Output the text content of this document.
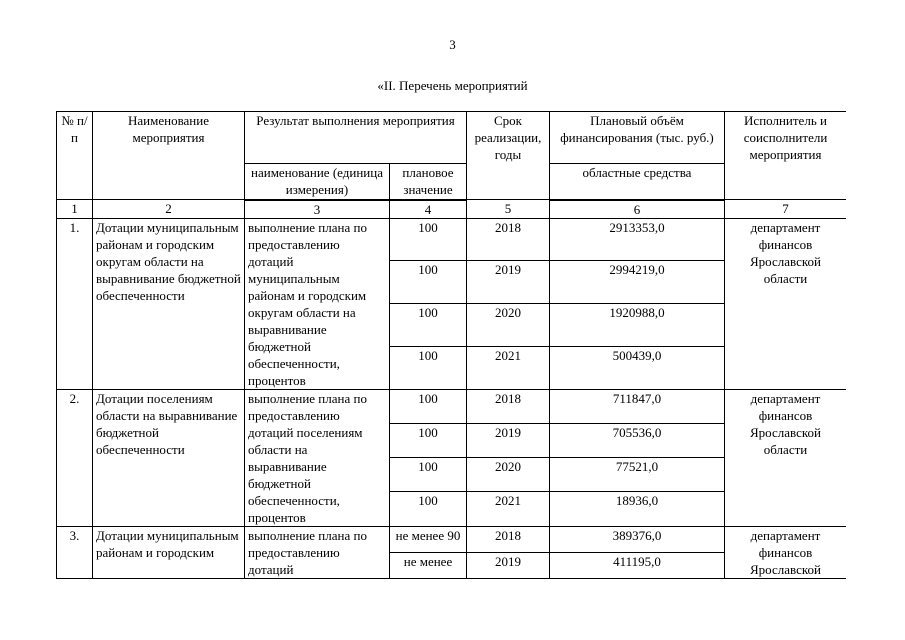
3
«II. Перечень мероприятий
№ п/п	Наименование мероприятия	Результат выполнения мероприятия		Срок реализации, годы	Плановый объём финансирования (тыс. руб.)	Исполнитель и соисполнители мероприятия
		наименование (единица измерения)	плановое значение		областные средства	
1	2	3	4	5	6	7
1.	Дотации муниципальным районам и городским округам области на выравнивание бюджетной обеспеченности	выполнение плана по предоставлению дотаций муниципальным районам и городским округам области на выравнивание бюджетной обеспеченности, процентов	100	2018	2913353,0	департамент финансов Ярославской области
			100	2019	2994219,0	
			100	2020	1920988,0	
			100	2021	500439,0	
2.	Дотации поселениям области на выравнивание бюджетной обеспеченности	выполнение плана по предоставлению дотаций поселениям области на выравнивание бюджетной обеспеченности, процентов	100	2018	711847,0	департамент финансов Ярославской области
			100	2019	705536,0	
			100	2020	77521,0	
			100	2021	18936,0	
3.	Дотации муниципальным районам и городским	выполнение плана по предоставлению дотаций	не менее 90	2018	389376,0	департамент финансов Ярославской
			не менее	2019	411195,0	
